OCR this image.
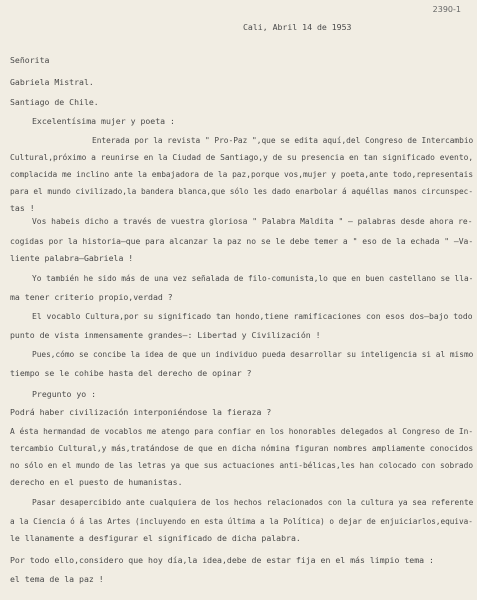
2390-1
Cali, Abril 14 de 1953
Señorita
Gabriela Mistral.
Santiago de Chile.
Excelentísima mujer y poeta :
Enterada por la revista " Pro-Paz ",que se edita aquí,del Congreso de Intercambio
Cultural,próximo a reunirse en la Ciudad de Santiago,y de su presencia en tan significado evento,
complacida me inclino ante la embajadora de la paz,porque vos,mujer y poeta,ante todo,representais
para el mundo civilizado,la bandera blanca,que sólo les dado enarbolar á aquéllas manos circunspec-
tas !
Vos habeis dicho a través de vuestra gloriosa " Palabra Maldita " — palabras desde ahora re-
cogidas por la historia—que para alcanzar la paz no se le debe temer a " eso de la echada " —Va-
liente palabra—Gabriela !
Yo también he sido más de una vez señalada de filo-comunista,lo que en buen castellano se lla-
ma tener criterio propio,verdad ?
El vocablo Cultura,por su significado tan hondo,tiene ramificaciones con esos dos—bajo todo
punto de vista inmensamente grandes—: Libertad y Civilización !
Pues,cómo se concibe la idea de que un individuo pueda desarrollar su inteligencia si al mismo
tiempo se le cohibe hasta del derecho de opinar ?
Pregunto yo :
Podrá haber civilización interponiéndose la fieraza ?
A ésta hermandad de vocablos me atengo para confiar en los honorables delegados al Congreso de In-
tercambio Cultural,y más,tratándose de que en dicha nómina figuran nombres ampliamente conocidos
no sólo en el mundo de las letras ya que sus actuaciones anti-bélicas,les han colocado con sobrado
derecho en el puesto de humanistas.
Pasar desapercibido ante cualquiera de los hechos relacionados con la cultura ya sea referente
a la Ciencia ó á las Artes (incluyendo en esta última a la Política) o dejar de enjuiciarlos,equiva-
le llanamente a desfigurar el significado de dicha palabra.
Por todo ello,considero que hoy día,la idea,debe de estar fija en el más limpio tema :
el tema de la paz !
